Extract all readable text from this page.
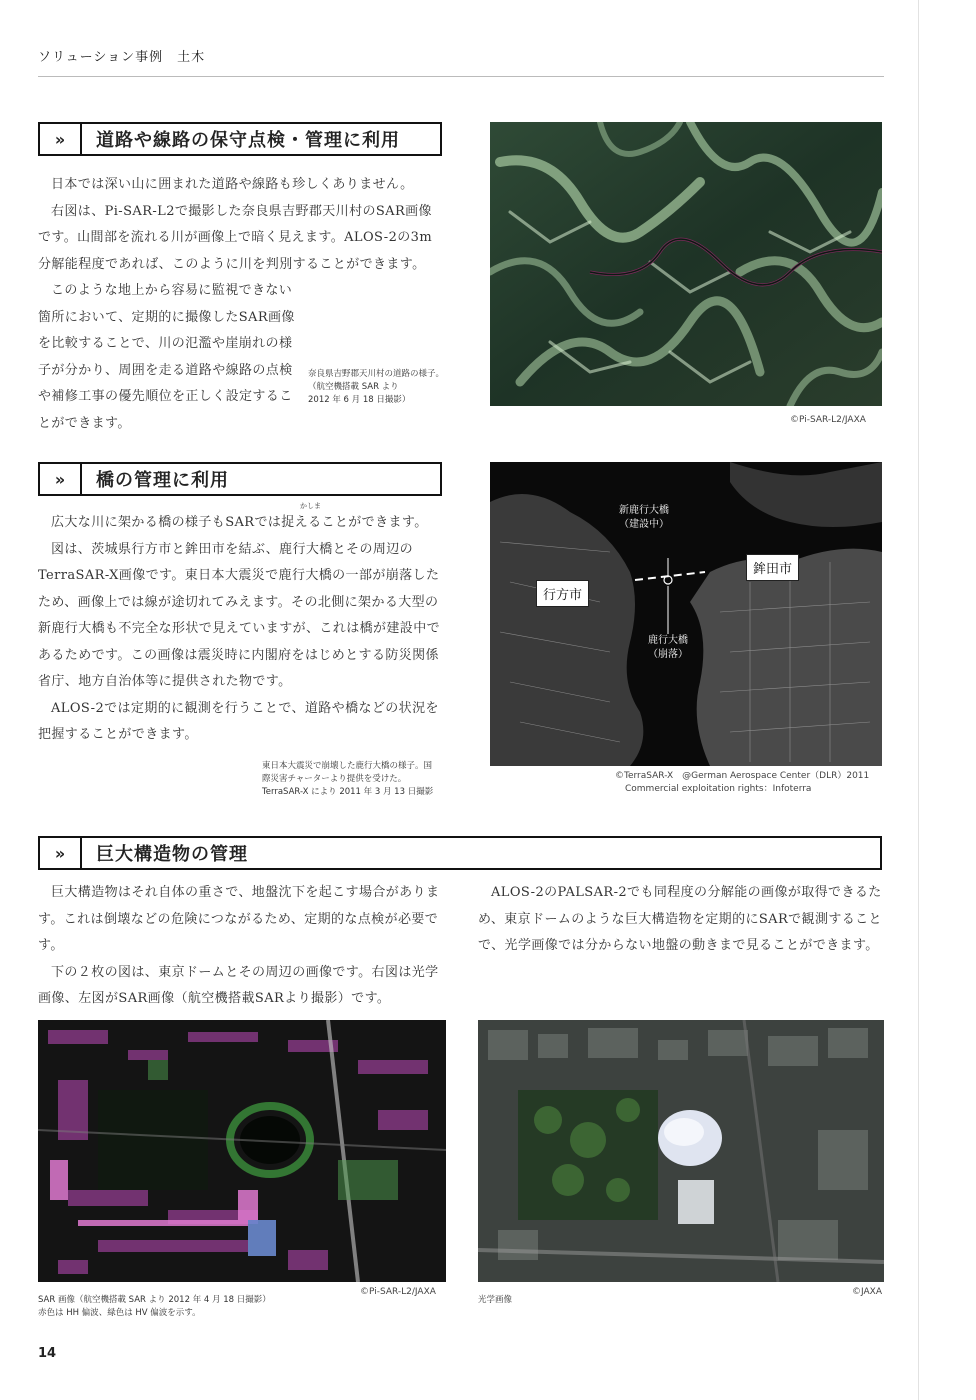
ソリューション事例　土木
»	道路や線路の保守点検・管理に利用

日本では深い山に囲まれた道路や線路も珍しくありません。

右図は、Pi-SAR-L2で撮影した奈良県吉野郡天川村のSAR画像です。山間部を流れる川が画像上で暗く見えます。ALOS-2の3m分解能程度であれば、このように川を判別することができます。

このような地上から容易に監視できない箇所において、定期的に撮像したSAR画像を比較することで、川の氾濫や崖崩れの様子が分かり、周囲を走る道路や線路の点検や補修工事の優先順位を正しく設定することができます。

奈良県吉野郡天川村の道路の様子。
（航空機搭載 SAR より
2012 年 6 月 18 日撮影）
©Pi-SAR-L2/JAXA
»	橋の管理に利用
かしま

広大な川に架かる橋の様子もSARでは捉えることができます。

図は、茨城県行方市と鉾田市を結ぶ、鹿行大橋とその周辺のTerraSAR-X画像です。東日本大震災で鹿行大橋の一部が崩落したため、画像上では線が途切れてみえます。その北側に架かる大型の新鹿行大橋も不完全な形状で見えていますが、これは橋が建設中であるためです。この画像は震災時に内閣府をはじめとする防災関係省庁、地方自治体等に提供された物です。

ALOS-2では定期的に観測を行うことで、道路や橋などの状況を把握することができます。

東日本大震災で崩壊した鹿行大橋の様子。国
際災害チャーターより提供を受けた。
TerraSAR-X により 2011 年 3 月 13 日撮影
新鹿行大橋
（建設中）
鹿行大橋
（崩落）
行方市
鉾田市
©TerraSAR-X　@German Aerospace Center（DLR）2011
Commercial exploitation rights：Infoterra
»	巨大構造物の管理

巨大構造物はそれ自体の重さで、地盤沈下を起こす場合があります。これは倒壊などの危険につながるため、定期的な点検が必要です。

下の２枚の図は、東京ドームとその周辺の画像です。右図は光学画像、左図がSAR画像（航空機搭載SARより撮影）です。

ALOS-2のPALSAR-2でも同程度の分解能の画像が取得できるため、東京ドームのような巨大構造物を定期的にSARで観測することで、光学画像では分からない地盤の動きまで見ることができます。

©Pi-SAR-L2/JAXA
SAR 画像（航空機搭載 SAR より 2012 年 4 月 18 日撮影）
赤色は HH 偏波、緑色は HV 偏波を示す。
©JAXA
光学画像
14
